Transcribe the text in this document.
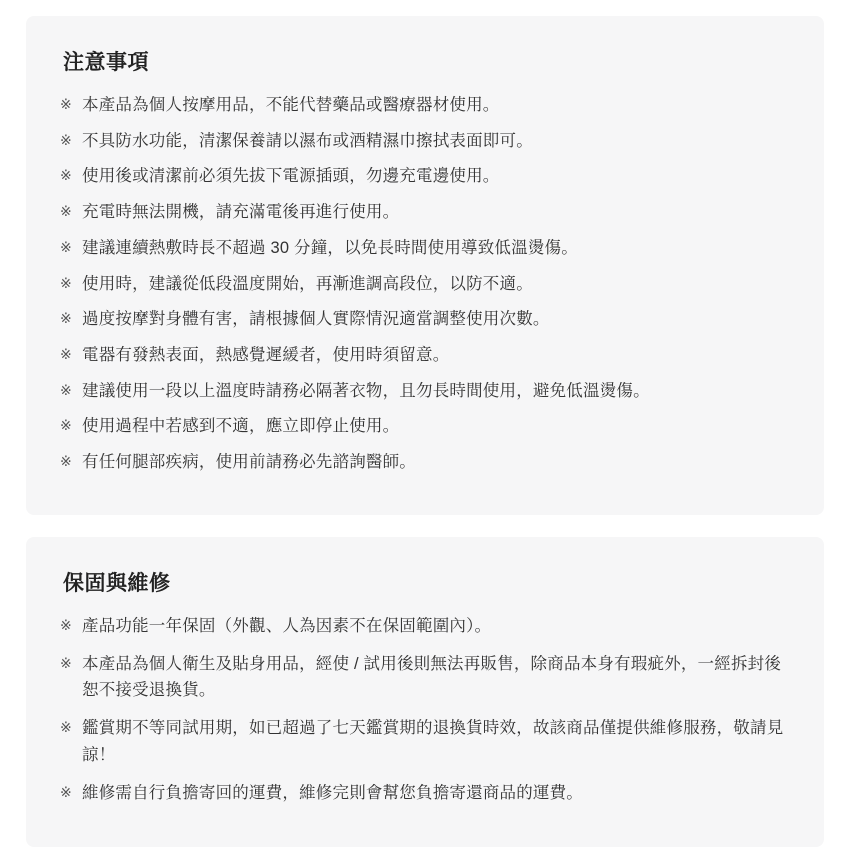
注意事項
※ 本產品為個人按摩用品，不能代替藥品或醫療器材使用。
※ 不具防水功能，清潔保養請以濕布或酒精濕巾擦拭表面即可。
※ 使用後或清潔前必須先拔下電源插頭，勿邊充電邊使用。
※ 充電時無法開機，請充滿電後再進行使用。
※ 建議連續熱敷時長不超過 30 分鐘，以免長時間使用導致低溫燙傷。
※ 使用時，建議從低段溫度開始，再漸進調高段位，以防不適。
※ 過度按摩對身體有害，請根據個人實際情況適當調整使用次數。
※ 電器有發熱表面，熱感覺遲緩者，使用時須留意。
※ 建議使用一段以上溫度時請務必隔著衣物，且勿長時間使用，避免低溫燙傷。
※ 使用過程中若感到不適，應立即停止使用。
※ 有任何腿部疾病，使用前請務必先諮詢醫師。
保固與維修
※ 產品功能一年保固（外觀、人為因素不在保固範圍內）。
※ 本產品為個人衛生及貼身用品，經使 / 試用後則無法再販售，除商品本身有瑕疵外，一經拆封後恕不接受退換貨。
※ 鑑賞期不等同試用期，如已超過了七天鑑賞期的退換貨時效，故該商品僅提供維修服務，敬請見諒！
※ 維修需自行負擔寄回的運費，維修完則會幫您負擔寄還商品的運費。
